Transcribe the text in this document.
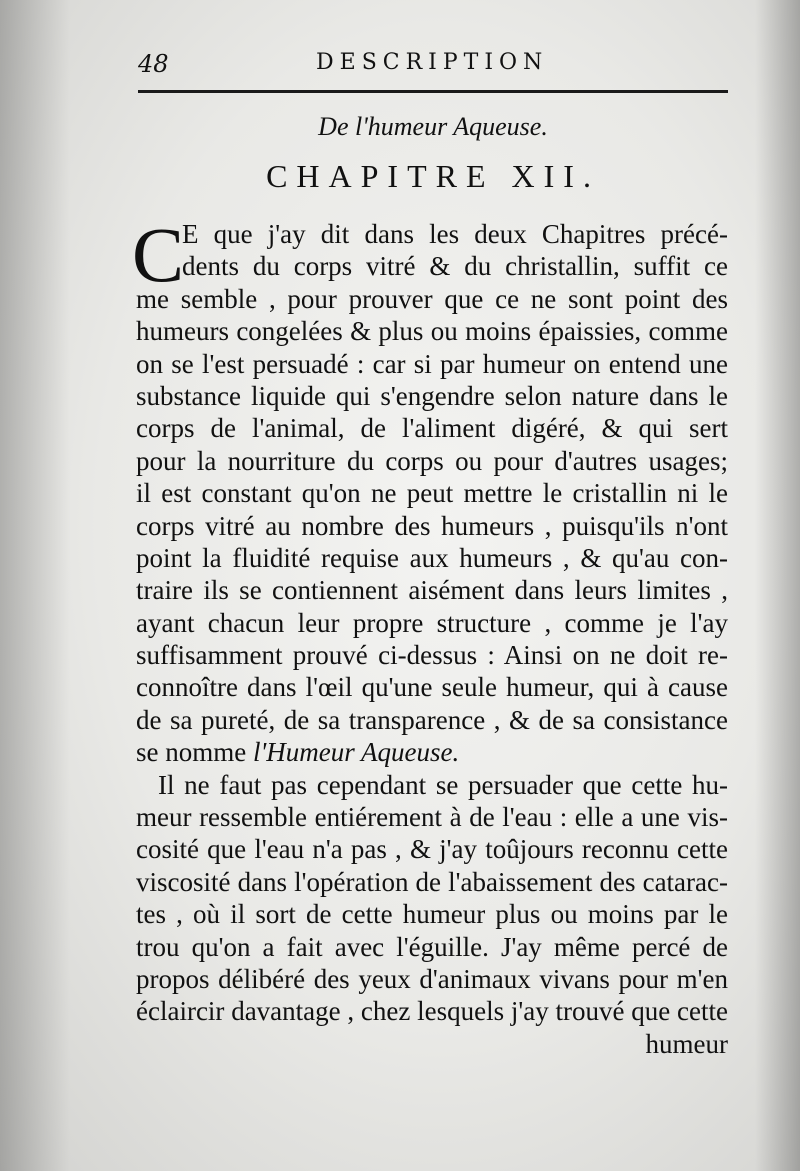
48	DESCRIPTION
De l'humeur Aqueuse.
CHAPITRE XII.
C
E que j'ay dit dans les deux Chapitres précé-
dents du corps vitré & du christallin, suffit ce
me semble , pour prouver que ce ne sont point des
humeurs congelées & plus ou moins épaissies, comme
on se l'est persuadé : car si par humeur on entend une
substance liquide qui s'engendre selon nature dans le
corps de l'animal, de l'aliment digéré, & qui sert
pour la nourriture du corps ou pour d'autres usages;
il est constant qu'on ne peut mettre le cristallin ni le
corps vitré au nombre des humeurs , puisqu'ils n'ont
point la fluidité requise aux humeurs , & qu'au con-
traire ils se contiennent aisément dans leurs limites ,
ayant chacun leur propre structure , comme je l'ay
suffisamment prouvé ci-dessus : Ainsi on ne doit re-
connoître dans l'œil qu'une seule humeur, qui à cause
de sa pureté, de sa transparence , & de sa consistance
se nomme l'Humeur Aqueuse.
Il ne faut pas cependant se persuader que cette hu-
meur ressemble entiérement à de l'eau : elle a une vis-
cosité que l'eau n'a pas , & j'ay toûjours reconnu cette
viscosité dans l'opération de l'abaissement des catarac-
tes , où il sort de cette humeur plus ou moins par le
trou qu'on a fait avec l'éguille. J'ay même percé de
propos délibéré des yeux d'animaux vivans pour m'en
éclaircir davantage , chez lesquels j'ay trouvé que cette
humeur
